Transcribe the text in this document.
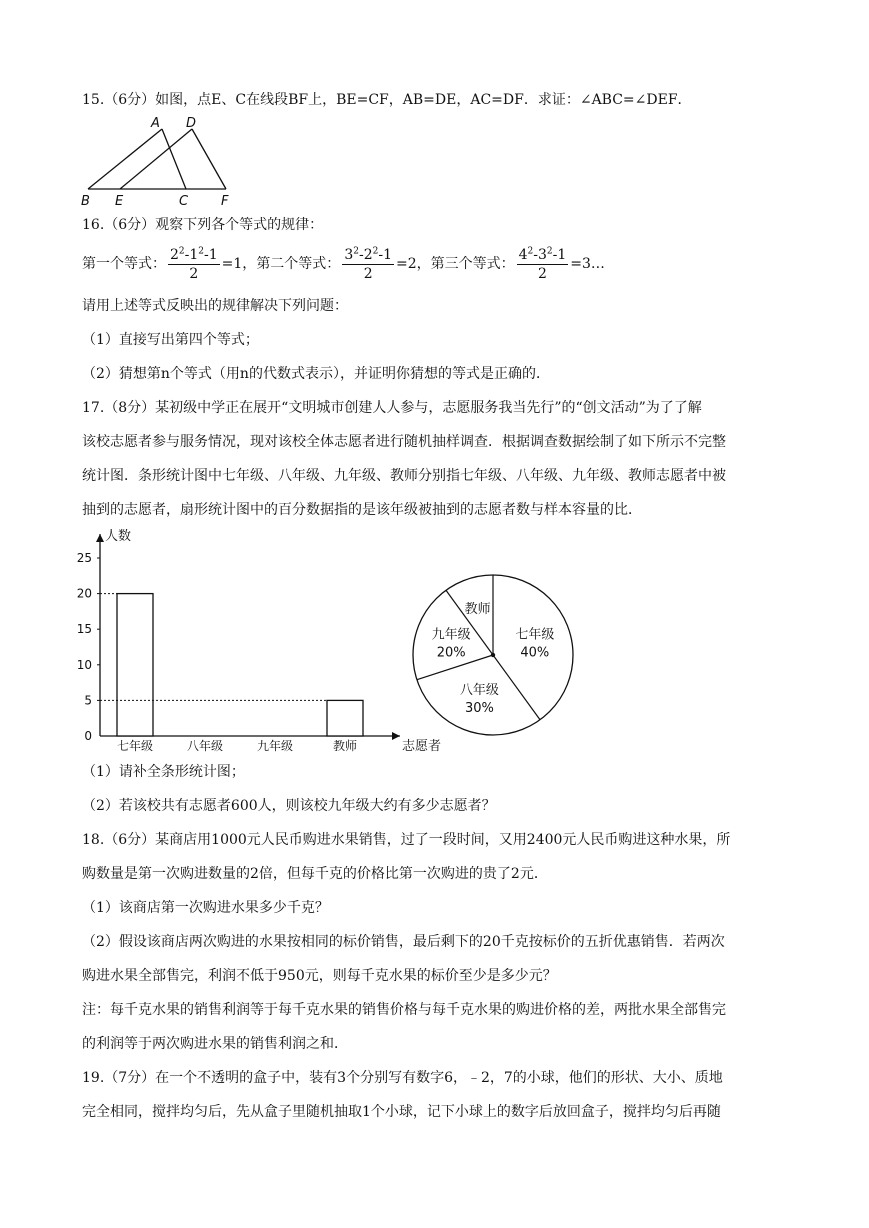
15.（6分）如图，点E、C在线段BF上，BE=CF，AB=DE，AC=DF．求证：∠ABC=∠DEF．
A D
B E	C	F
16.（6分）观察下列各个等式的规律：
第一个等式： $\frac{2^2-1^2-1}{2} =1$，第二个等式： $\frac{3^2-2^2-1}{2} =2$，第三个等式： $\frac{4^2-3^2-1}{2}$ =3…
请用上述等式反映出的规律解决下列问题：
（1）直接写出第四个等式；
（2）猜想第n个等式（用n的代数式表示），并证明你猜想的等式是正确的．
17.（8分）某初级中学正在展开“文明城市创建人人参与，志愿服务我当先行”的“创文活动”为了了解
该校志愿者参与服务情况，现对该校全体志愿者进行随机抽样调查．根据调查数据绘制了如下所示不完整
统计图．条形统计图中七年级、八年级、九年级、教师分别指七年级、八年级、九年级、教师志愿者中被
抽到的志愿者，扇形统计图中的百分数据指的是该年级被抽到的志愿者数与样本容量的比．
人数
志愿者
0
5
10
15
20
25
七年级	八年级	九年级	教师
七年级
40%
八年级
30%
九年级
20%
教师
（1）请补全条形统计图；
（2）若该校共有志愿者600人，则该校九年级大约有多少志愿者？
18.（6分）某商店用1000元人民币购进水果销售，过了一段时间，又用2400元人民币购进这种水果，所
购数量是第一次购进数量的2倍，但每千克的价格比第一次购进的贵了2元．
（1）该商店第一次购进水果多少千克？
（2）假设该商店两次购进的水果按相同的标价销售，最后剩下的20千克按标价的五折优惠销售．若两次
购进水果全部售完，利润不低于950元，则每千克水果的标价至少是多少元？
注：每千克水果的销售利润等于每千克水果的销售价格与每千克水果的购进价格的差，两批水果全部售完
的利润等于两次购进水果的销售利润之和．
19.（7分）在一个不透明的盒子中，装有3个分别写有数字6，﹣2，7的小球，他们的形状、大小、质地
完全相同，搅拌均匀后，先从盒子里随机抽取1个小球，记下小球上的数字后放回盒子，搅拌均匀后再随
